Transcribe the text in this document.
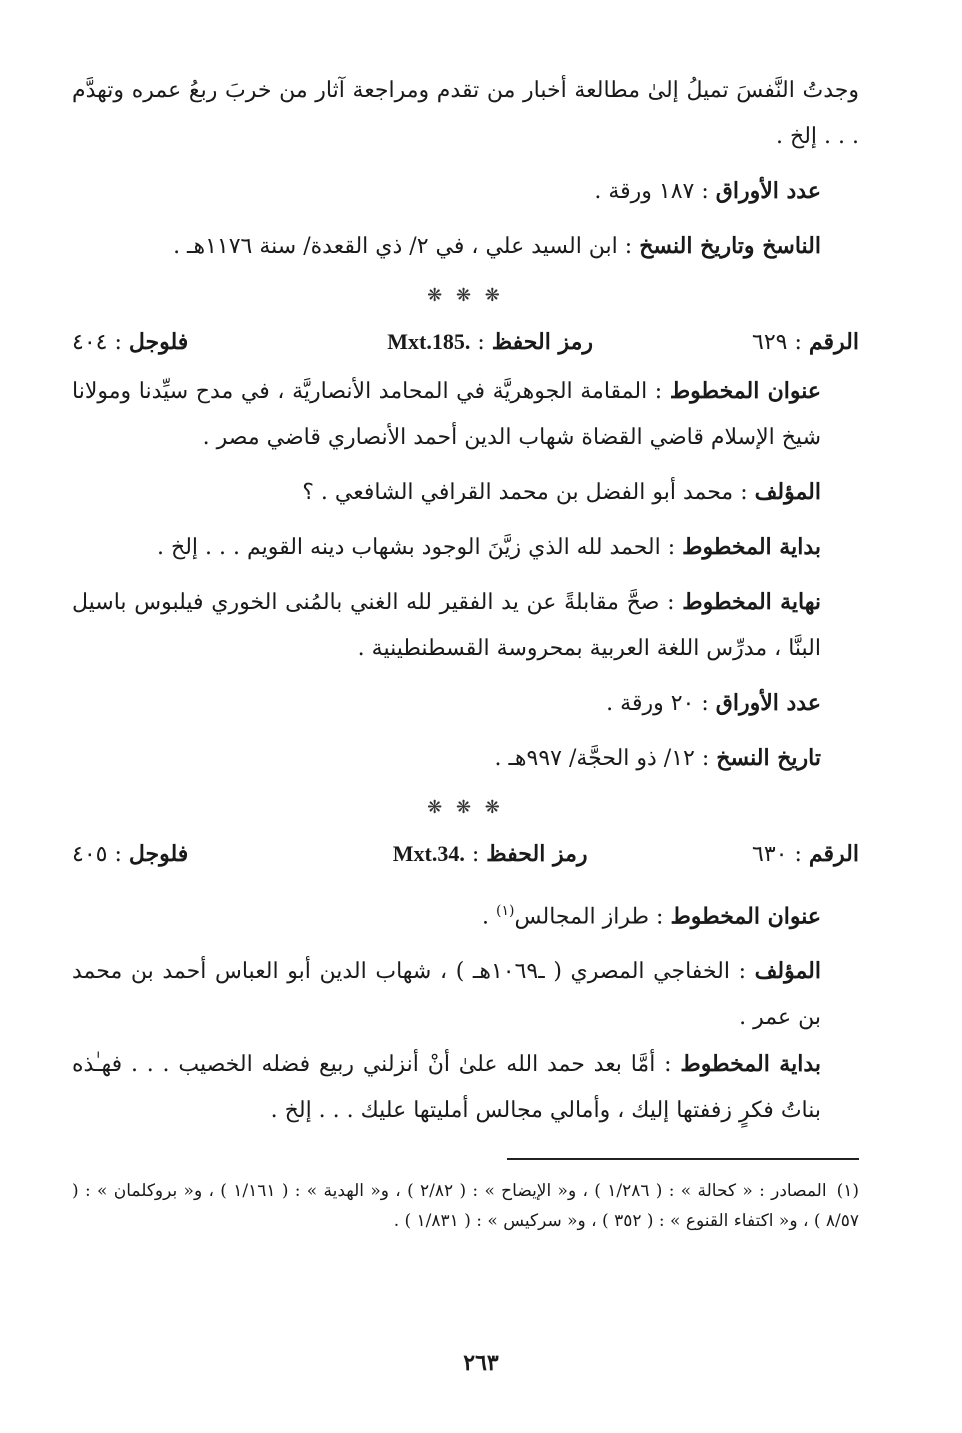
وجدتُ النَّفسَ تميلُ إلىٰ مطالعة أخبار من تقدم ومراجعة آثار من خربَ ربعُ عمره وتهدَّم . . . إلخ .

عدد الأوراق : ١٨٧ ورقة .

الناسخ وتاريخ النسخ : ابن السيد علي ، في ٢/ ذي القعدة/ سنة ١١٧٦هـ .

❋ ❋ ❋

الرقم : ٦٢٩
رمز الحفظ : Mxt.185.
فلوجل : ٤٠٤

عنوان المخطوط : المقامة الجوهريَّة في المحامد الأنصاريَّة ، في مدح سيِّدنا ومولانا شيخ الإسلام قاضي القضاة شهاب الدين أحمد الأنصاري قاضي مصر .

المؤلف : محمد أبو الفضل بن محمد القرافي الشافعي . ؟

بداية المخطوط : الحمد لله الذي زيَّنَ الوجود بشهاب دينه القويم . . . إلخ .

نهاية المخطوط : صحَّ مقابلةً عن يد الفقير لله الغني بالمُنى الخوري فيلبوس باسيل البنَّا ، مدرِّس اللغة العربية بمحروسة القسطنطينية .

عدد الأوراق : ٢٠ ورقة .

تاريخ النسخ : ١٢/ ذو الحجَّة/ ٩٩٧هـ .

❋ ❋ ❋

الرقم : ٦٣٠
رمز الحفظ : Mxt.34.
فلوجل : ٤٠٥

عنوان المخطوط : طراز المجالس$^{(١)}$ .

المؤلف : الخفاجي المصري ( ـ١٠٦٩هـ ) ، شهاب الدين أبو العباس أحمد بن محمد بن عمر .

بداية المخطوط : أمَّا بعد حمد الله علىٰ أنْ أنزلني ربيع فضله الخصيب . . . فهـٰذه بناتُ فكرٍ زففتها إليك ، وأمالي مجالس أمليتها عليك . . . إلخ .

(١)المصادر : « كحالة » : ( ١/٢٨٦ ) ، و« الإيضاح » : ( ٢/٨٢ ) ، و« الهدية » : ( ١/١٦١ ) ، و« بروكلمان » : ( ٨/٥٧ ) ، و« اكتفاء القنوع » : ( ٣٥٢ ) ، و« سركيس » : ( ١/٨٣١ ) .

٢٦٣
